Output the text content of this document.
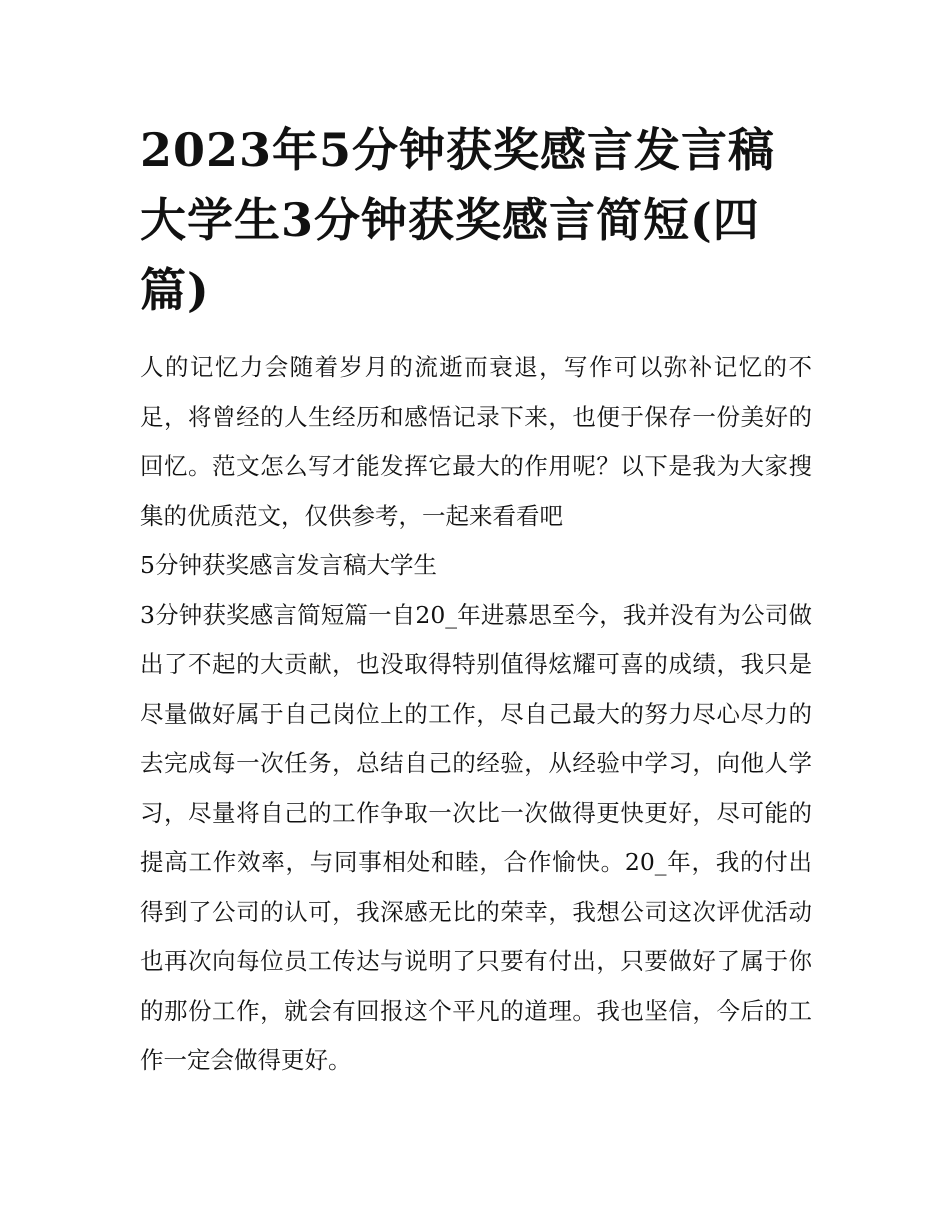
2023年5分钟获奖感言发言稿大学生3分钟获奖感言简短(四篇)

人的记忆力会随着岁月的流逝而衰退，写作可以弥补记忆的不足，将曾经的人生经历和感悟记录下来，也便于保存一份美好的回忆。范文怎么写才能发挥它最大的作用呢？以下是我为大家搜集的优质范文，仅供参考，一起来看看吧

5分钟获奖感言发言稿大学生

3分钟获奖感言简短篇一自20_年进慕思至今，我并没有为公司做出了不起的大贡献，也没取得特别值得炫耀可喜的成绩，我只是尽量做好属于自己岗位上的工作，尽自己最大的努力尽心尽力的去完成每一次任务，总结自己的经验，从经验中学习，向他人学习，尽量将自己的工作争取一次比一次做得更快更好，尽可能的提高工作效率，与同事相处和睦，合作愉快。20_年，我的付出得到了公司的认可，我深感无比的荣幸，我想公司这次评优活动也再次向每位员工传达与说明了只要有付出，只要做好了属于你的那份工作，就会有回报这个平凡的道理。我也坚信，今后的工作一定会做得更好。
